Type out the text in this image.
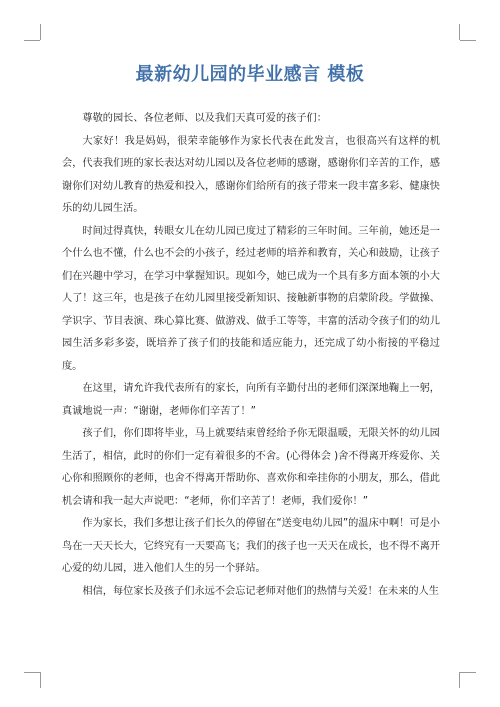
最新幼儿园的毕业感言 模板

尊敬的园长、各位老师、以及我们天真可爱的孩子们：

大家好！我是妈妈，很荣幸能够作为家长代表在此发言，也很高兴有这样的机会，代表我们班的家长表达对幼儿园以及各位老师的感谢，感谢你们辛苦的工作，感谢你们对幼儿教育的热爱和投入，感谢你们给所有的孩子带来一段丰富多彩、健康快乐的幼儿园生活。

时间过得真快，转眼女儿在幼儿园已度过了精彩的三年时间。三年前，她还是一个什么也不懂，什么也不会的小孩子，经过老师的培养和教育，关心和鼓励，让孩子们在兴趣中学习，在学习中掌握知识。现如今，她已成为一个具有多方面本领的小大人了！这三年，也是孩子在幼儿园里接受新知识、接触新事物的启蒙阶段。学做操、学识字、节目表演、珠心算比赛、做游戏、做手工等等，丰富的活动令孩子们的幼儿园生活多彩多姿，既培养了孩子们的技能和适应能力，还完成了幼小衔接的平稳过度。

在这里，请允许我代表所有的家长，向所有辛勤付出的老师们深深地鞠上一躬，真诚地说一声：“谢谢，老师你们辛苦了！”

孩子们，你们即将毕业，马上就要结束曾经给予你无限温暖，无限关怀的幼儿园生活了，相信，此时的你们一定有着很多的不舍。(心得体会 )舍不得离开疼爱你、关心你和照顾你的老师，也舍不得离开帮助你、喜欢你和牵挂你的小朋友，那么，借此机会请和我一起大声说吧：“老师，你们辛苦了！老师，我们爱你！”

作为家长，我们多想让孩子们长久的停留在“送变电幼儿园”的温床中啊！可是小鸟在一天天长大，它终究有一天要高飞；我们的孩子也一天天在成长，也不得不离开心爱的幼儿园，进入他们人生的另一个驿站。

相信，每位家长及孩子们永远不会忘记老师对他们的热情与关爱！在未来的人生
